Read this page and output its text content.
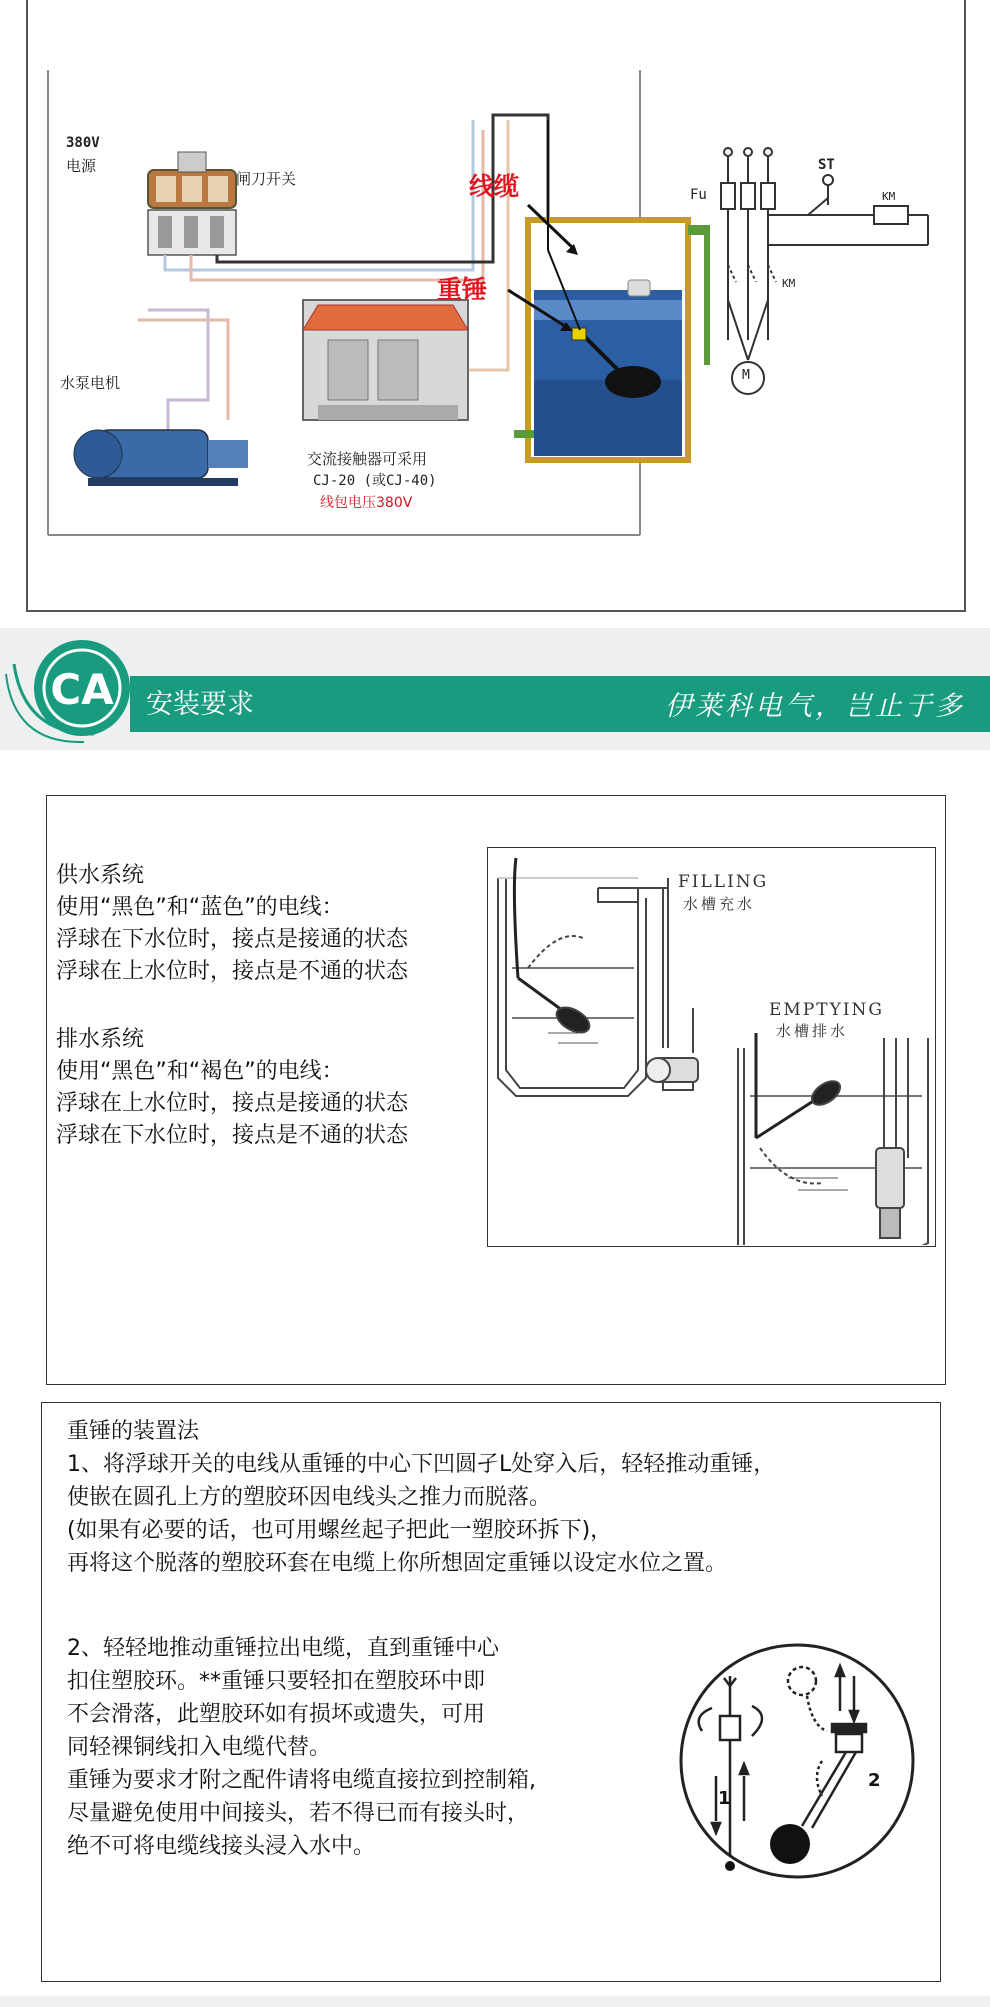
380V
电源
闸刀开关	线缆
重锤
水泵电机
交流接触器可采用
CJ-20 (或CJ-40)
线包电压380V
Fu
ST
KM
KM
M
CA 安装要求	伊莱科电气，岂止于多
供水系统
使用“黑色”和“蓝色”的电线：
浮球在下水位时，接点是接通的状态
浮球在上水位时，接点是不通的状态
排水系统
使用“黑色”和“褐色”的电线：
浮球在上水位时，接点是接通的状态
浮球在下水位时，接点是不通的状态
FILLING
水槽充水
EMPTYING
水槽排水
重锤的装置法
1、将浮球开关的电线从重锤的中心下凹圆孑L处穿入后，轻轻推动重锤，
使嵌在圆孔上方的塑胶环因电线头之推力而脱落。
(如果有必要的话，也可用螺丝起子把此一塑胶环拆下)，
再将这个脱落的塑胶环套在电缆上你所想固定重锤以设定水位之置。
2、轻轻地推动重锤拉出电缆，直到重锤中心
扣住塑胶环。**重锤只要轻扣在塑胶环中即
不会滑落，此塑胶环如有损坏或遗失，可用
同轻裸铜线扣入电缆代替。
重锤为要求才附之配件请将电缆直接拉到控制箱,
尽量避免使用中间接头，若不得已而有接头时，
绝不可将电缆线接头浸入水中。
1
2
